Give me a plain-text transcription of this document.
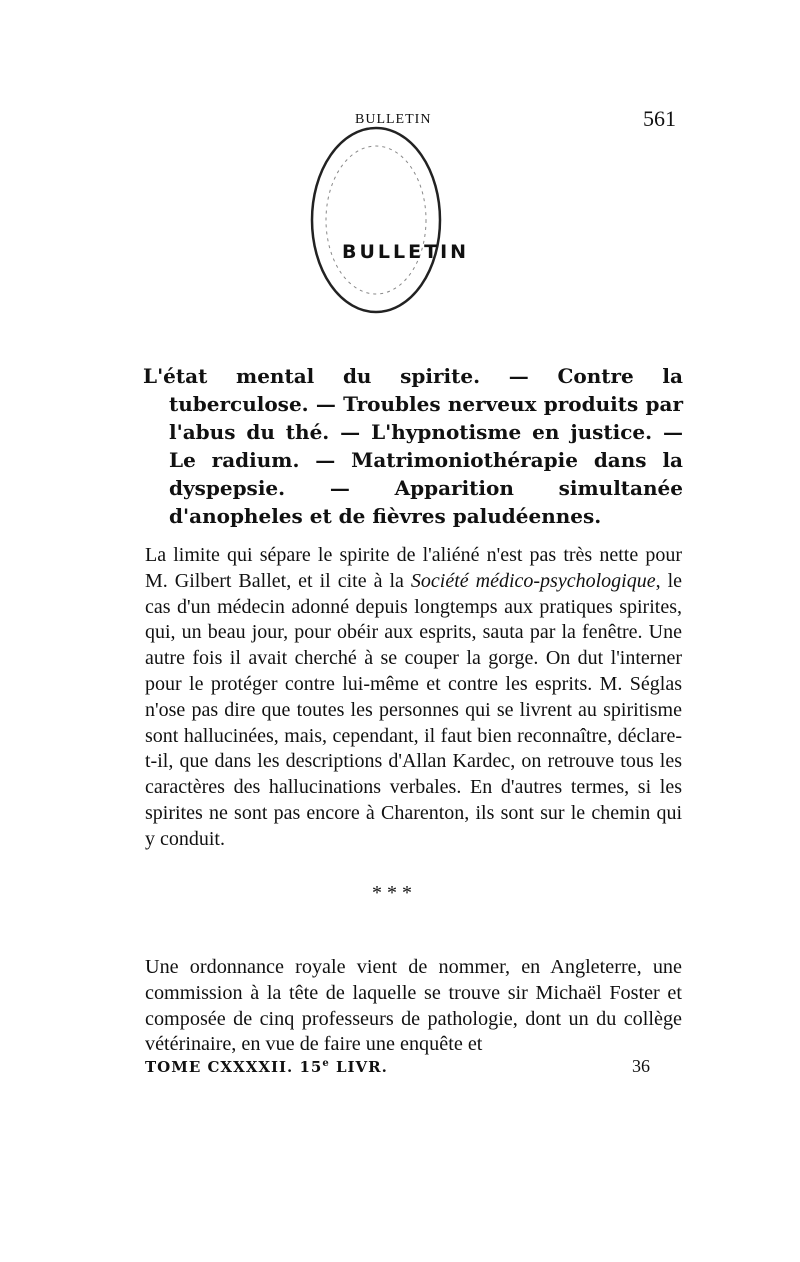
BULLETIN	561
BULLETIN
L'état mental du spirite. — Contre la tuberculose. — Troubles nerveux produits par l'abus du thé. — L'hypnotisme en justice. — Le radium. — Matrimoniothérapie dans la dyspepsie. — Apparition simultanée d'anopheles et de fièvres paludéennes.
La limite qui sépare le spirite de l'aliéné n'est pas très nette pour M. Gilbert Ballet, et il cite à la Société médico-psychologique, le cas d'un médecin adonné depuis longtemps aux pratiques spirites, qui, un beau jour, pour obéir aux esprits, sauta par la fenêtre. Une autre fois il avait cherché à se couper la gorge. On dut l'interner pour le protéger contre lui-même et contre les esprits. M. Séglas n'ose pas dire que toutes les personnes qui se livrent au spiritisme sont hallucinées, mais, cependant, il faut bien reconnaître, déclare-t-il, que dans les descriptions d'Allan Kardec, on retrouve tous les caractères des hallucinations verbales. En d'autres termes, si les spirites ne sont pas encore à Charenton, ils sont sur le chemin qui y conduit.
* * *
Une ordonnance royale vient de nommer, en Angleterre, une commission à la tête de laquelle se trouve sir Michaël Foster et composée de cinq professeurs de pathologie, dont un du collège vétérinaire, en vue de faire une enquête et
TOME CXXXXII. 15e LIVR.	36
